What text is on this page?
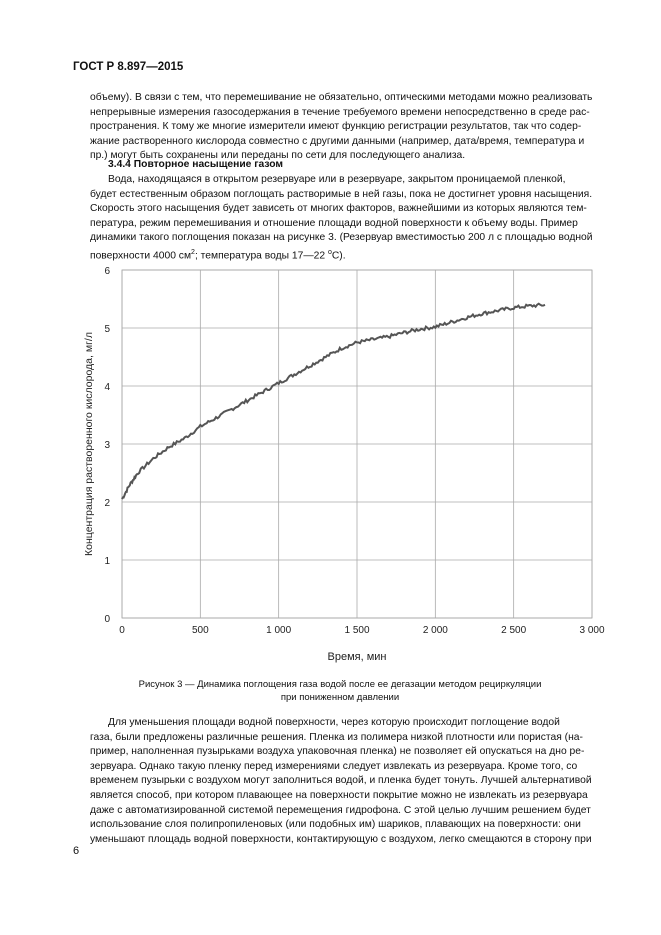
ГОСТ Р 8.897—2015
объему). В связи с тем, что перемешивание не обязательно, оптическими методами можно реализовать
непрерывные измерения газосодержания в течение требуемого времени непосредственно в среде рас-
пространения. К тому же многие измерители имеют функцию регистрации результатов, так что содер-
жание растворенного кислорода совместно с другими данными (например, дата/время, температура и
пр.) могут быть сохранены или переданы по сети для последующего анализа.
3.4.4 Повторное насыщение газом
Вода, находящаяся в открытом резервуаре или в резервуаре, закрытом проницаемой пленкой,
будет естественным образом поглощать растворимые в ней газы, пока не достигнет уровня насыщения.
Скорость этого насыщения будет зависеть от многих факторов, важнейшими из которых являются тем-
пература, режим перемешивания и отношение площади водной поверхности к объему воды. Пример
динамики такого поглощения показан на рисунке 3. (Резервуар вместимостью 200 л с площадью водной
поверхности 4000 $см^2$; температура воды 17—22 $^о$С).
0
1
2
3
4
5
6
0	500	1 000	1 500	2 000	2 500	3 000
Время, мин
Концентрация растворенного кислорода, мг/л
Рисунок 3 — Динамика поглощения газа водой после ее дегазации методом рециркуляции
при пониженном давлении
Для уменьшения площади водной поверхности, через которую происходит поглощение водой
газа, были предложены различные решения. Пленка из полимера низкой плотности или пористая (на-
пример, наполненная пузырьками воздуха упаковочная пленка) не позволяет ей опускаться на дно ре-
зервуара. Однако такую пленку перед измерениями следует извлекать из резервуара. Кроме того, со
временем пузырьки с воздухом могут заполниться водой, и пленка будет тонуть. Лучшей альтернативой
является способ, при котором плавающее на поверхности покрытие можно не извлекать из резервуара
даже с автоматизированной системой перемещения гидрофона. С этой целью лучшим решением будет
использование слоя полипропиленовых (или подобных им) шариков, плавающих на поверхности: они
уменьшают площадь водной поверхности, контактирующую с воздухом, легко смещаются в сторону при
6
